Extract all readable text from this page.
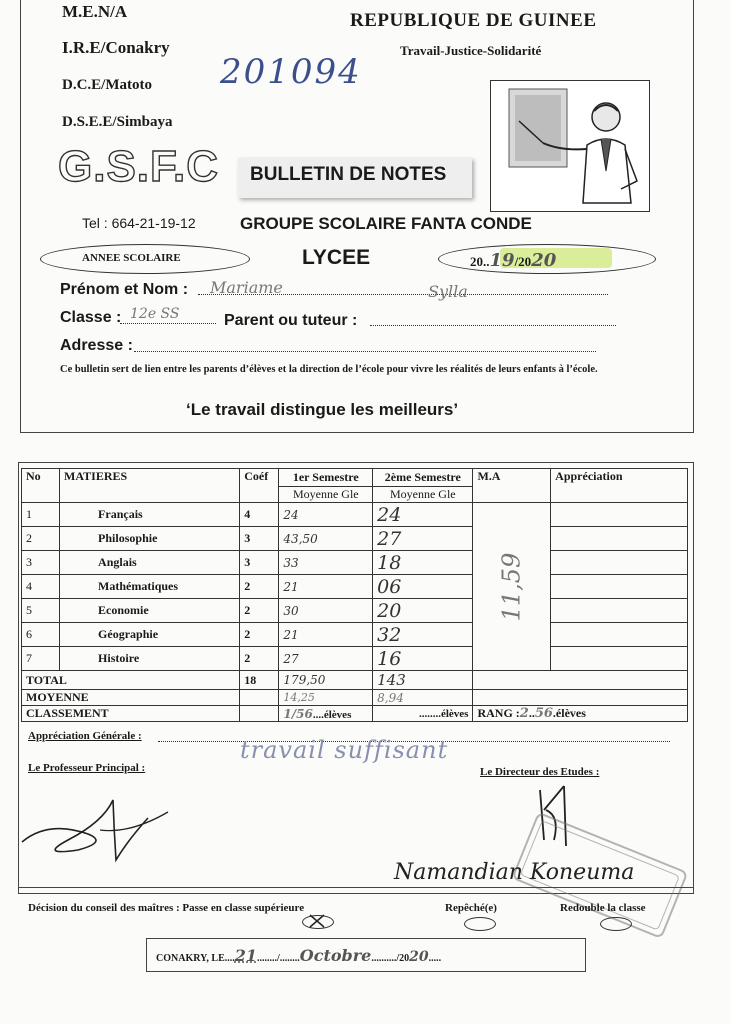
M.E.N/A
I.R.E/Conakry
D.C.E/Matoto
D.S.E.E/Simbaya
REPUBLIQUE DE GUINEE
Travail-Justice-Solidarité
201094
G.S.F.C BULLETIN DE NOTES
Tel : 664-21-19-12	GROUPE SCOLAIRE FANTA CONDE
ANNEE SCOLAIRE	LYCEE	20..19/2020
Prénom et Nom : Mariame	Sylla
Classe : 12e SS	Parent ou tuteur :
Adresse :
Ce bulletin sert de lien entre les parents d’élèves et la direction de l’école pour vivre les réalités de leurs enfants à l’école.
‘Le travail distingue les meilleurs’
No	MATIERES	Coéf	1er Semestre	2ème Semestre	M.A	Appréciation
			Moyenne Gle	Moyenne Gle		
1	Français	4	24	24	11,59	

2	Philosophie	3	43,50	27		
3	Anglais	3	33	18		
4	Mathématiques	2	21	06		
5	Economie	2	30	20		
6	Géographie	2	21	32		
7	Histoire	2	27	16		
TOTAL		18	179,50	143		
MOYENNE			14,25	8,94		
CLASSEMENT			1/56....élèves	........élèves	RANG :2..56.élèves	
Appréciation Générale :	travail suffisant
Le Professeur Principal :	Le Directeur des Etudes :
Namandian Koneuma
Décision du conseil des maîtres : Passe en classe supérieure	Repêché(e)	Redouble la classe
CONAKRY, LE....21......../........Octobre........../2020.....
